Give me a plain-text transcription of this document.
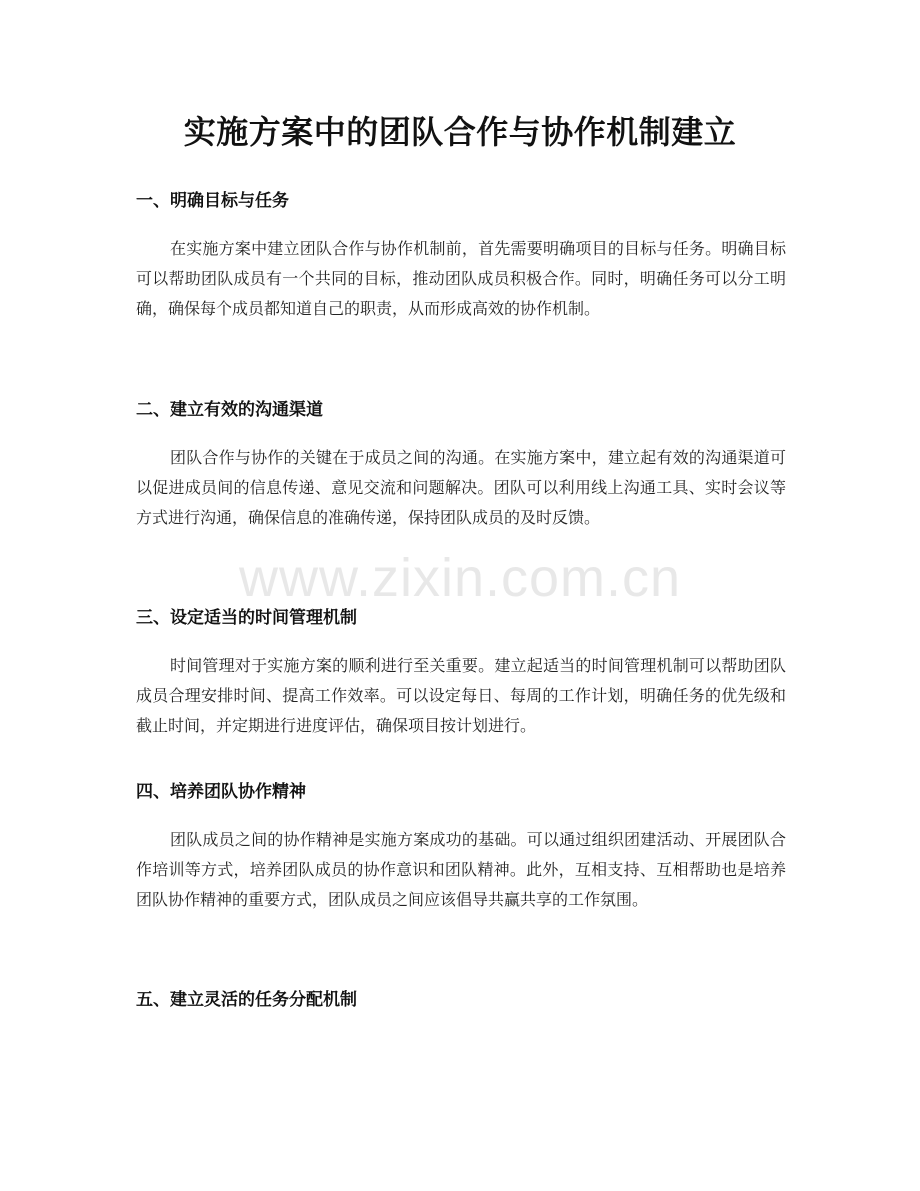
实施方案中的团队合作与协作机制建立
一、明确目标与任务
在实施方案中建立团队合作与协作机制前，首先需要明确项目的目标与任务。明确目标可以帮助团队成员有一个共同的目标，推动团队成员积极合作。同时，明确任务可以分工明确，确保每个成员都知道自己的职责，从而形成高效的协作机制。
二、建立有效的沟通渠道
团队合作与协作的关键在于成员之间的沟通。在实施方案中，建立起有效的沟通渠道可以促进成员间的信息传递、意见交流和问题解决。团队可以利用线上沟通工具、实时会议等方式进行沟通，确保信息的准确传递，保持团队成员的及时反馈。
三、设定适当的时间管理机制
时间管理对于实施方案的顺利进行至关重要。建立起适当的时间管理机制可以帮助团队成员合理安排时间、提高工作效率。可以设定每日、每周的工作计划，明确任务的优先级和截止时间，并定期进行进度评估，确保项目按计划进行。
四、培养团队协作精神
团队成员之间的协作精神是实施方案成功的基础。可以通过组织团建活动、开展团队合作培训等方式，培养团队成员的协作意识和团队精神。此外，互相支持、互相帮助也是培养团队协作精神的重要方式，团队成员之间应该倡导共赢共享的工作氛围。
五、建立灵活的任务分配机制
www.zixin.com.cn
